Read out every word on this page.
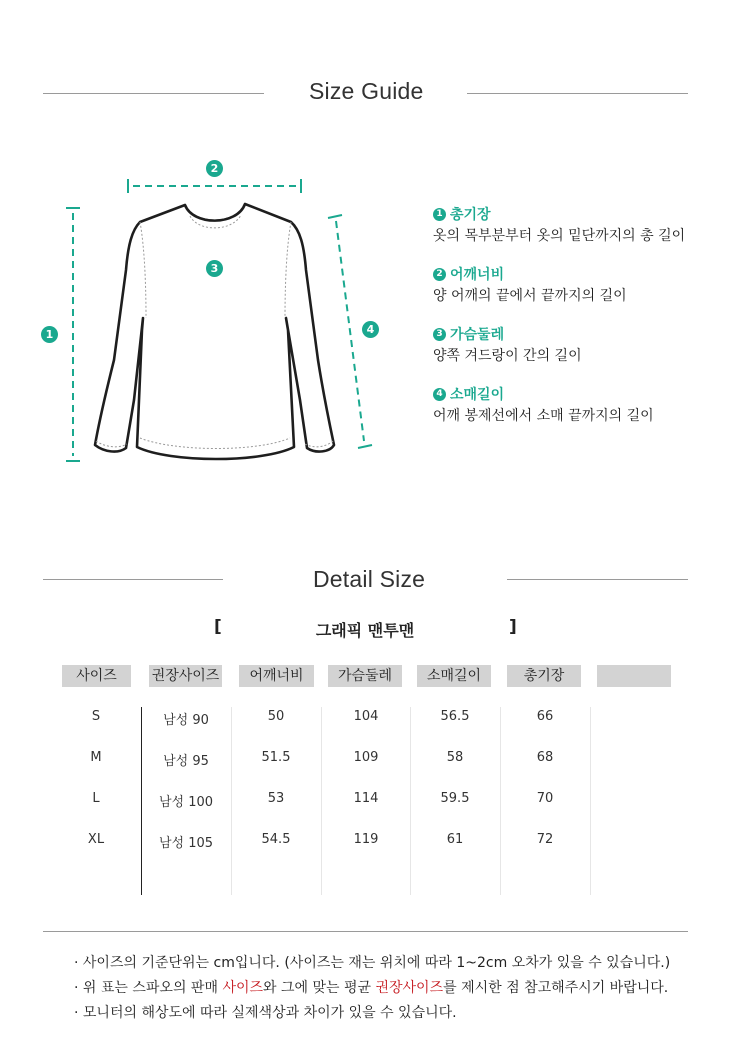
Size Guide
1
2
3
4
1 총기장
옷의 목부분부터 옷의 밑단까지의 총 길이
2 어깨너비
양 어깨의 끝에서 끝까지의 길이
3 가슴둘레
양쪽 겨드랑이 간의 길이
4 소매길이
어깨 봉제선에서 소매 끝까지의 길이
Detail Size
[	그래픽 맨투맨	]
사이즈	권장사이즈	어깨너비	가슴둘레	소매길이	총기장
S	남성 90	50	104	56.5	66
M	남성 95	51.5	109	58	68
L	남성 100	53	114	59.5	70
XL	남성 105	54.5	119	61	72
· 사이즈의 기준단위는 cm입니다. (사이즈는 재는 위치에 따라 1~2cm 오차가 있을 수 있습니다.)
· 위 표는 스파오의 판매 사이즈와 그에 맞는 평균 권장사이즈를 제시한 점 참고해주시기 바랍니다.
· 모니터의 해상도에 따라 실제색상과 차이가 있을 수 있습니다.
